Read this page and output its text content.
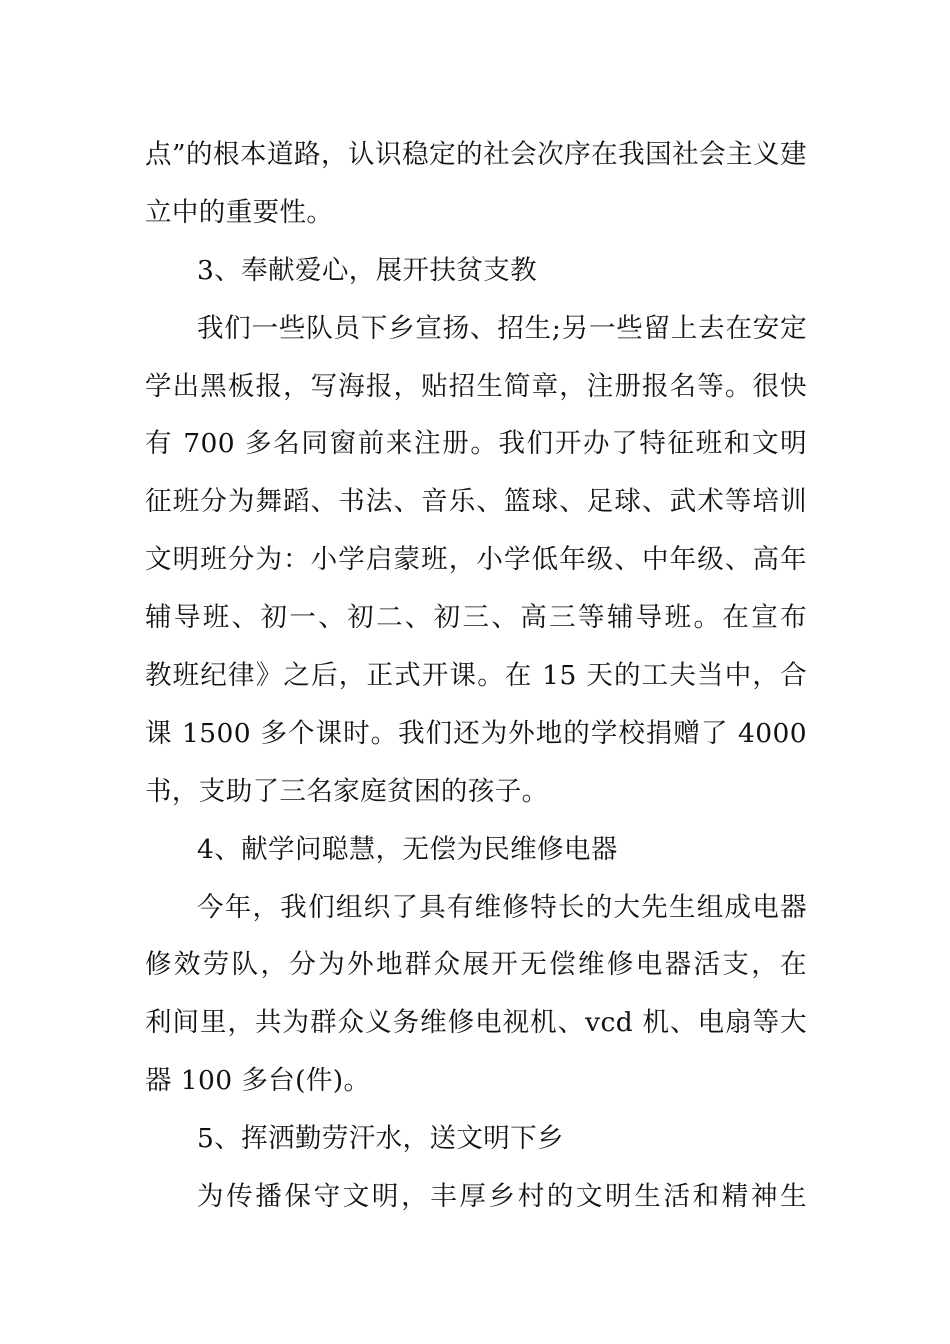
点”的根本道路，认识稳定的社会次序在我国社会主义建
立中的重要性。
3、奉献爱心，展开扶贫支教
我们一些队员下乡宣扬、招生;另一些留上去在安定
学出黑板报，写海报，贴招生简章，注册报名等。很快
有 700 多名同窗前来注册。我们开办了特征班和文明
征班分为舞蹈、书法、音乐、篮球、足球、武术等培训
文明班分为：小学启蒙班，小学低年级、中年级、高年
辅导班、初一、初二、初三、高三等辅导班。在宣布
教班纪律》之后，正式开课。在 15 天的工夫当中，合
课 1500 多个课时。我们还为外地的学校捐赠了 4000
书，支助了三名家庭贫困的孩子。
4、献学问聪慧，无偿为民维修电器
今年，我们组织了具有维修特长的大先生组成电器
修效劳队，分为外地群众展开无偿维修电器活支，在
利间里，共为群众义务维修电视机、vcd 机、电扇等大
器 100 多台(件)。
5、挥洒勤劳汗水，送文明下乡
为传播保守文明，丰厚乡村的文明生活和精神生
